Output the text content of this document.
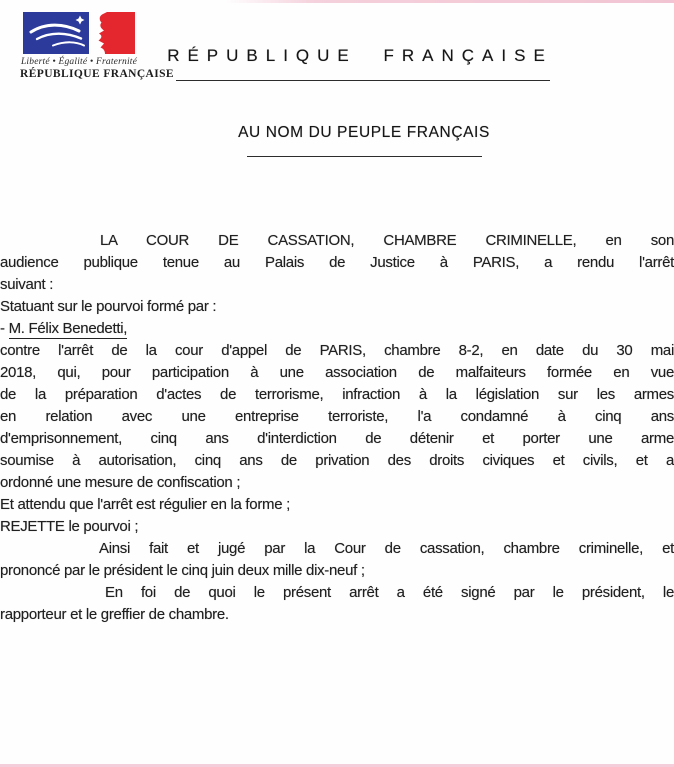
Liberté • Égalité • Fraternité
RÉPUBLIQUE FRANÇAISE
RÉPUBLIQUE FRANÇAISE
AU NOM DU PEUPLE FRANÇAIS

LA COUR DE CASSATION, CHAMBRE CRIMINELLE, en son
audience publique tenue au Palais de Justice à PARIS, a rendu l'arrêt
suivant :

Statuant sur le pourvoi formé par :

- M. Félix Benedetti,

contre l'arrêt de la cour d'appel de PARIS, chambre 8-2, en date du 30 mai
2018, qui, pour participation à une association de malfaiteurs formée en vue
de la préparation d'actes de terrorisme, infraction à la législation sur les armes
en relation avec une entreprise terroriste, l'a condamné à cinq ans
d'emprisonnement, cinq ans d'interdiction de détenir et porter une arme
soumise à autorisation, cinq ans de privation des droits civiques et civils, et a
ordonné une mesure de confiscation ;

Et attendu que l'arrêt est régulier en la forme ;

REJETTE le pourvoi ;

Ainsi fait et jugé par la Cour de cassation, chambre criminelle, et
prononcé par le président le cinq juin deux mille dix-neuf ;

En foi de quoi le présent arrêt a été signé par le président, le
rapporteur et le greffier de chambre.
